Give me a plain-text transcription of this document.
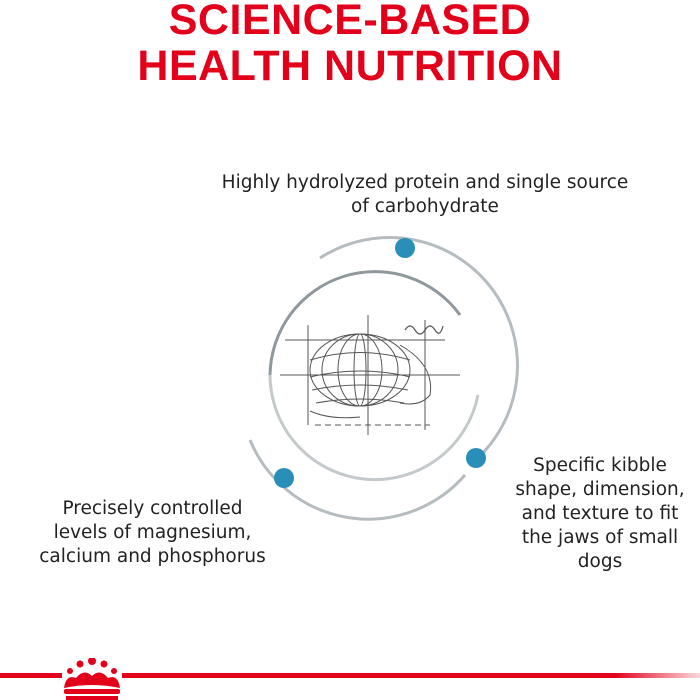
SCIENCE-BASED
HEALTH NUTRITION

Highly hydrolyzed protein and single source
of carbohydrate

Precisely controlled
levels of magnesium,
calcium and phosphorus

Specific kibble
shape, dimension,
and texture to fit
the jaws of small
dogs
